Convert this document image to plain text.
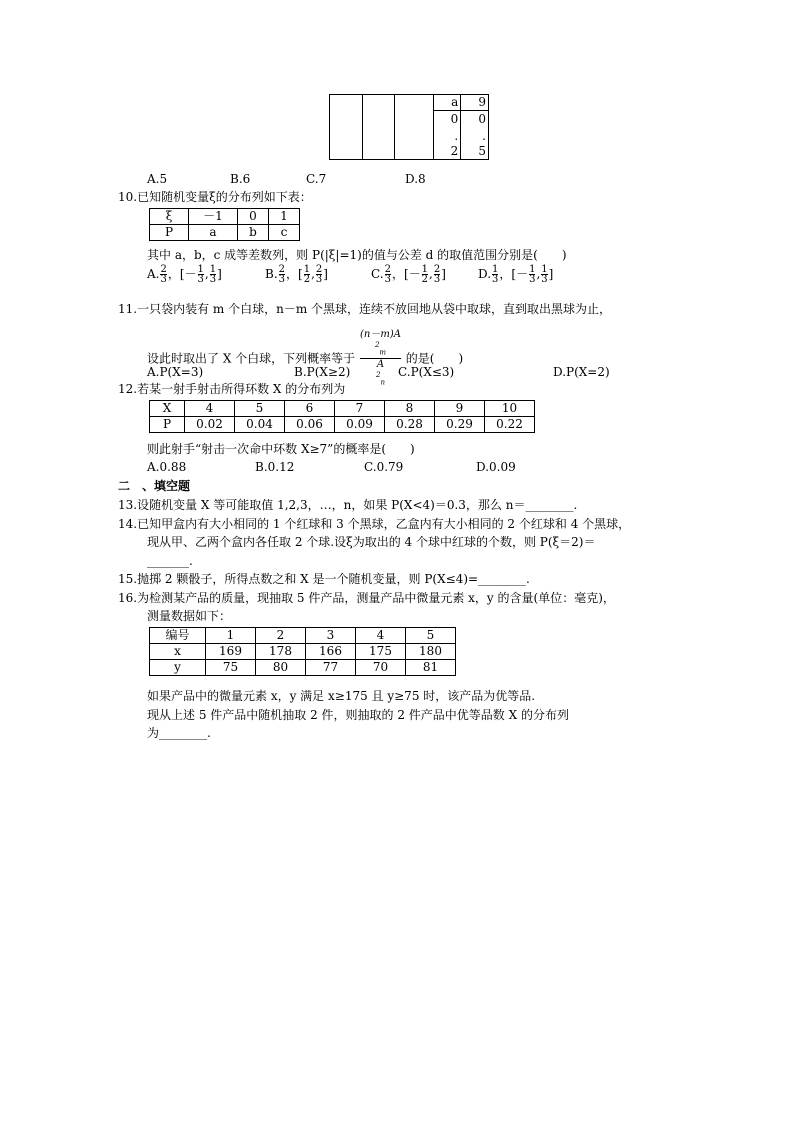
			a	9
			0	0
			.	.
			2	5
A.5	B.6	C.7	D.8
10.已知随机变量ξ的分布列如下表：
ξ	－1	0	1
P	a	b	c
其中 a，b，c 成等差数列，则 P(|ξ|=1)的值与公差 d 的取值范围分别是(　　)
A. $\frac{2}{3}$ ，[－ $\frac{1}{3}$ , $\frac{1}{3}$ ]	B. $\frac{2}{3}$ ，[ $\frac{1}{2}$ , $\frac{2}{3}$ ]	C. $\frac{2}{3}$ ，[－ $\frac{1}{2}$ , $\frac{2}{3}$ ]	D. $\frac{1}{3}$ ，[－ $\frac{1}{3}$ , $\frac{1}{3}$ ]
11.一只袋内装有 m 个白球，n－m 个黑球，连续不放回地从袋中取球，直到取出黑球为止，
设此时取出了 X 个白球，下列概率等于 (n－m)A
$^2_m$
A
$^2_n$ 的是(　　)
A.P(X=3)	B.P(X≥2)	C.P(X≤3)	D.P(X=2)
12.若某一射手射击所得环数 X 的分布列为
X	4	5	6	7	8	9	10
P	0.02	0.04	0.06	0.09	0.28	0.29	0.22
则此射手“射击一次命中环数 X≥7”的概率是(　　)
A.0.88	B.0.12	C.0.79	D.0.09
二　、填空题
13.设随机变量 X 等可能取值 1,2,3，…，n，如果 P(X<4)＝0.3，那么 n＝________.
14.已知甲盒内有大小相同的 1 个红球和 3 个黑球，乙盒内有大小相同的 2 个红球和 4 个黑球，
现从甲、乙两个盒内各任取 2 个球.设ξ为取出的 4 个球中红球的个数，则 P(ξ＝2)＝
_______.
15.抛掷 2 颗骰子，所得点数之和 X 是一个随机变量，则 P(X≤4)=________.
16.为检测某产品的质量，现抽取 5 件产品，测量产品中微量元素 x，y 的含量(单位：毫克)，
测量数据如下：
编号	1	2	3	4	5
x	169	178	166	175	180
y	75	80	77	70	81
如果产品中的微量元素 x，y 满足 x≥175 且 y≥75 时，该产品为优等品.
现从上述 5 件产品中随机抽取 2 件，则抽取的 2 件产品中优等品数 X 的分布列
为________.
